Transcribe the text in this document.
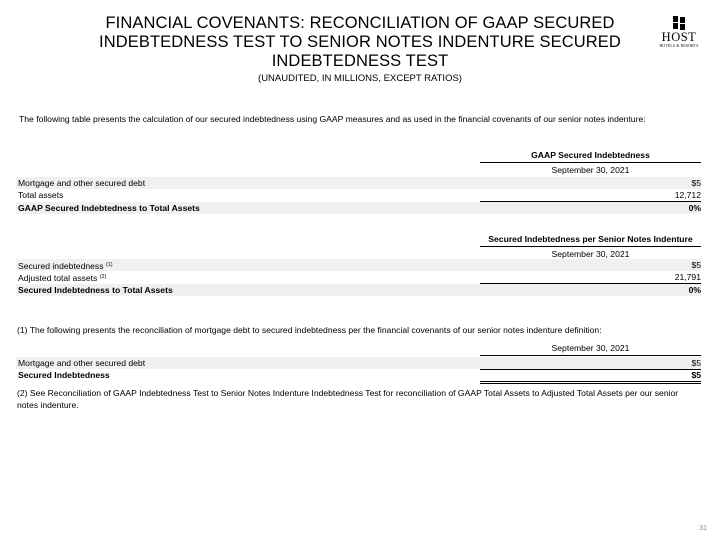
FINANCIAL COVENANTS: RECONCILIATION OF GAAP SECURED
INDEBTEDNESS TEST TO SENIOR NOTES INDENTURE SECURED
INDEBTEDNESS TEST
(UNAUDITED, IN MILLIONS, EXCEPT RATIOS)
HOST
HOTELS & RESORTS
The following table presents the calculation of our secured indebtedness using GAAP measures and as used in the financial covenants of our senior notes indenture:
GAAP Secured Indebtedness
September 30, 2021
Mortgage and other secured debt	$5
Total assets	12,712
GAAP Secured Indebtedness to Total Assets	0%
Secured Indebtedness per Senior Notes Indenture
September 30, 2021
Secured indebtedness $^{(1)}$	$5
Adjusted total assets $^{(2)}$	21,791
Secured Indebtedness to Total Assets	0%
(1) The following presents the reconciliation of mortgage debt to secured indebtedness per the financial covenants of our senior notes indenture definition:
September 30, 2021
Mortgage and other secured debt	$5
Secured Indebtedness	$5
(2) See Reconciliation of GAAP Indebtedness Test to Senior Notes Indenture Indebtedness Test for reconciliation of GAAP Total Assets to Adjusted Total Assets per our senior notes indenture.
31
